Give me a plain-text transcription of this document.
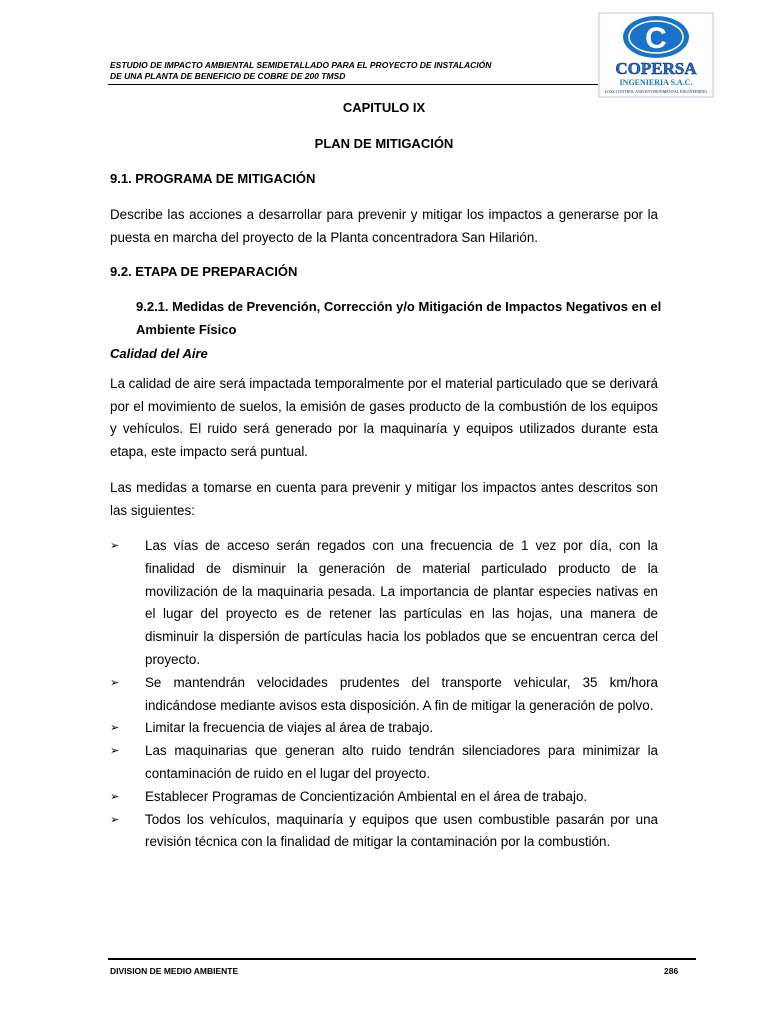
ESTUDIO DE IMPACTO AMBIENTAL SEMIDETALLADO PARA EL PROYECTO DE INSTALACIÓN
DE UNA PLANTA DE BENEFICIO DE COBRE DE 200 TMSD
C
COPERSA
INGENIERIA S.A.C.
LOSS CONTROL AND ENVIRONMENTAL ENGINEERING
CAPITULO IX
PLAN DE MITIGACIÓN
9.1. PROGRAMA DE MITIGACIÓN
Describe las acciones a desarrollar para prevenir y mitigar los impactos a generarse por la puesta en marcha del proyecto de la Planta concentradora San Hilarión.
9.2. ETAPA DE PREPARACIÓN
9.2.1. Medidas de Prevención, Corrección y/o Mitigación de Impactos Negativos en el Ambiente Físico
Calidad del Aire
La calidad de aire será impactada temporalmente por el material particulado que se derivará por el movimiento de suelos, la emisión de gases producto de la combustión de los equipos y vehículos. El ruido será generado por la maquinaría y equipos utilizados durante esta etapa, este impacto será puntual.
Las medidas a tomarse en cuenta para prevenir y mitigar los impactos antes descritos son las siguientes:
➢ Las vías de acceso serán regados con una frecuencia de 1 vez por día, con la finalidad de disminuir la generación de material particulado producto de la movilización de la maquinaria pesada. La importancia de plantar especies nativas en el lugar del proyecto es de retener las partículas en las hojas, una manera de disminuir la dispersión de partículas hacia los poblados que se encuentran cerca del proyecto.
➢ Se mantendrán velocidades prudentes del transporte vehicular, 35 km/hora indicándose mediante avisos esta disposición. A fin de mitigar la generación de polvo.
➢ Limitar la frecuencia de viajes al área de trabajo.
➢ Las maquinarias que generan alto ruido tendrán silenciadores para minimizar la contaminación de ruido en el lugar del proyecto.
➢ Establecer Programas de Concientización Ambiental en el área de trabajo.
➢ Todos los vehículos, maquinaría y equipos que usen combustible pasarán por una revisión técnica con la finalidad de mitigar la contaminación por la combustión.
DIVISION DE MEDIO AMBIENTE	286
